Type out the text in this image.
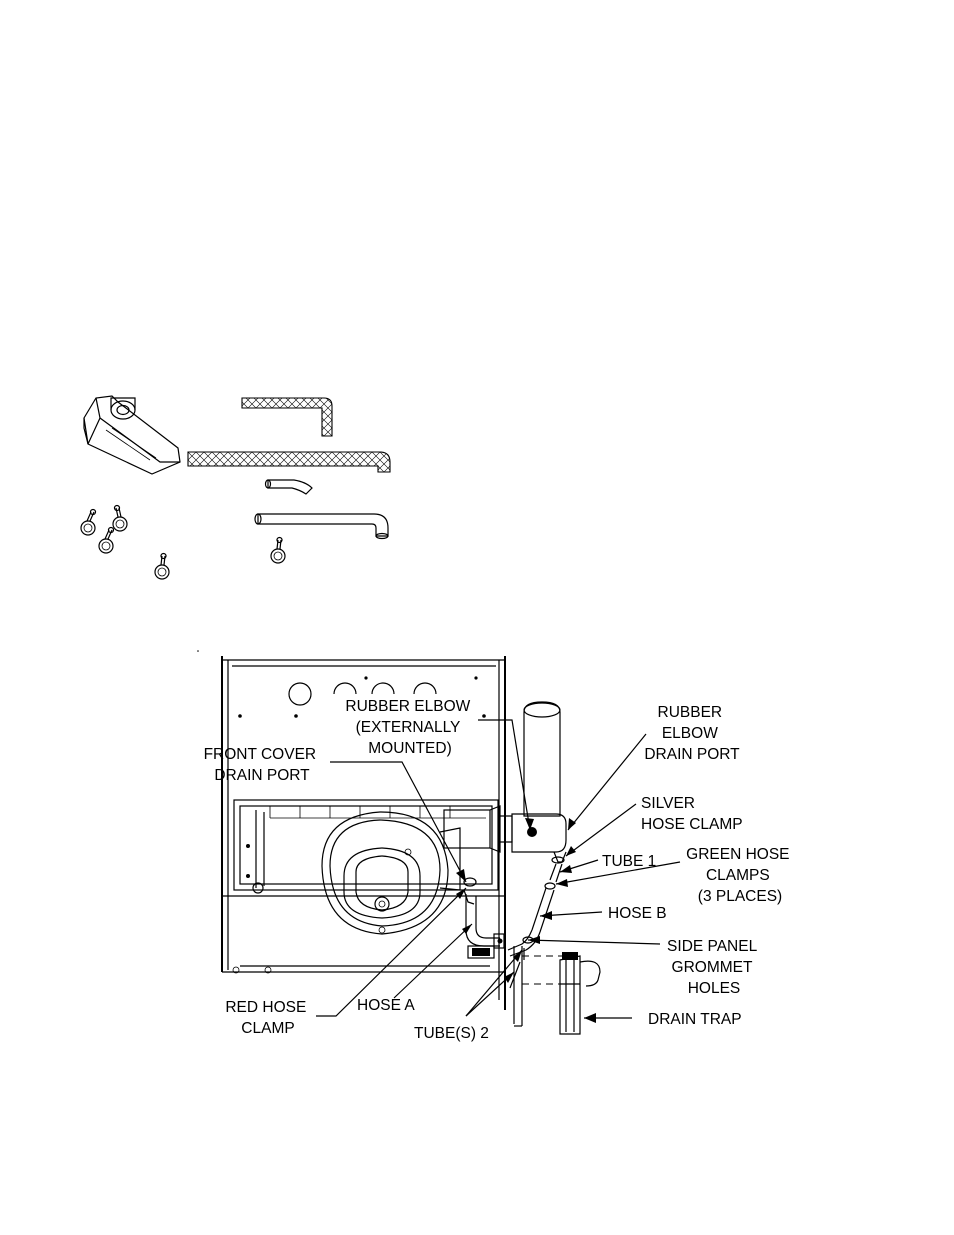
RUBBER ELBOW (EXTERNALLY MOUNTED)
FRONT COVER DRAIN PORT
RUBBER ELBOW DRAIN PORT
SILVER HOSE CLAMP
TUBE 1 GREEN HOSE CLAMPS (3 PLACES)
HOSE B
SIDE PANEL GROMMET HOLES
DRAIN TRAP
RED HOSE CLAMP
HOSE A
TUBE(S) 2
